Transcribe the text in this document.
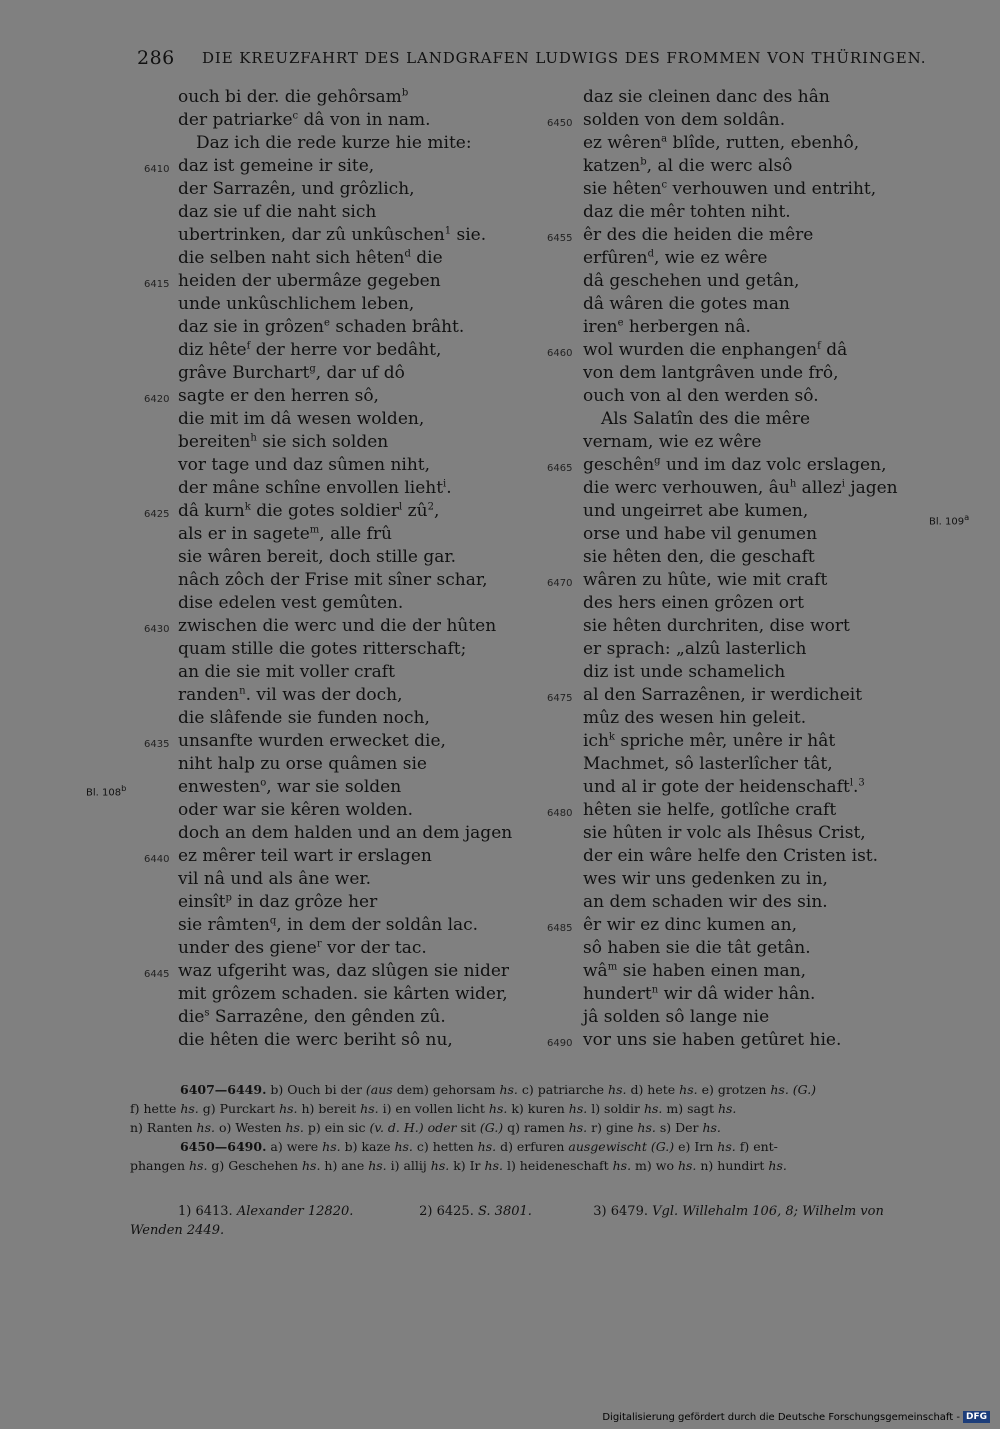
286 DIE KREUZFAHRT DES LANDGRAFEN LUDWIGS DES FROMMEN VON THÜRINGEN.
ouch bi der. die gehôrsam$^b$
der patriarke$^c$ dâ von in nam.
Daz ich die rede kurze hie mite:
6410 daz ist gemeine ir site,
der Sarrazên, und grôzlich,
daz sie uf die naht sich
ubertrinken, dar zû unkûschen$^1$ sie.
die selben naht sich hêten$^d$ die
6415 heiden der ubermâze gegeben
unde unkûschlichem leben,
daz sie in grôzen$^e$ schaden brâht.
diz hête$^f$ der herre vor bedâht,
grâve Burchart$^g$, dar uf dô
6420 sagte er den herren sô,
die mit im dâ wesen wolden,
bereiten$^h$ sie sich solden
vor tage und daz sûmen niht,
der mâne schîne envollen lieht$^i$.
6425 dâ kurn$^k$ die gotes soldier$^l$ $zû^2$,
als er in sagete$^m$, alle frû
sie wâren bereit, doch stille gar.
nâch zôch der Frise mit sîner schar,
dise edelen vest gemûten.
6430 zwischen die werc und die der hûten
quam stille die gotes ritterschaft;
an die sie mit voller craft
randen$^n$. vil was der doch,
die slâfende sie funden noch,
6435 unsanfte wurden erwecket die,
niht halp zu orse quâmen sie
enwesten$^o$, war sie solden
oder war sie kêren wolden.
doch an dem halden und an dem jagen
6440 ez mêrer teil wart ir erslagen
vil nâ und als âne wer.
einsît$^p$ in daz grôze her
sie râmten$^q$, in dem der soldân lac.
under des giene$^r$ vor der tac.
6445 waz ufgeriht was, daz slûgen sie nider
mit grôzem schaden. sie kârten wider,
die$^s$ Sarrazêne, den gênden zû.
die hêten die werc beriht sô nu,
daz sie cleinen danc des hân
6450 solden von dem soldân.
ez wêren$^a$ blîde, rutten, ebenhô,
katzen$^b$, al die werc alsô
sie hêten$^c$ verhouwen und entriht,
daz die mêr tohten niht.
6455 êr des die heiden die mêre
erfûren$^d$, wie ez wêre
dâ geschehen und getân,
dâ wâren die gotes man
iren$^e$ herbergen nâ.
6460 wol wurden die enphangen$^f$ dâ
von dem lantgrâven unde frô,
ouch von al den werden sô.
Als Salatîn des die mêre
vernam, wie ez wêre
6465 geschên$^g$ und im daz volc erslagen,
die werc verhouwen, $âu^h$ allez$^i$ jagen
und ungeirret abe kumen,
orse und habe vil genumen
sie hêten den, die geschaft
6470 wâren zu hûte, wie mit craft
des hers einen grôzen ort
sie hêten durchriten, dise wort
er sprach: „alzû lasterlich
diz ist unde schamelich
6475 al den Sarrazênen, ir werdicheit
mûz des wesen hin geleit.
ich$^k$ spriche mêr, unêre ir hât
Machmet, sô lasterlîcher tât,
und al ir gote der heidenschaft$^l$.$^3$
6480 hêten sie helfe, gotlîche craft
sie hûten ir volc als Ihêsus Crist,
der ein wâre helfe den Cristen ist.
wes wir uns gedenken zu in,
an dem schaden wir des sin.
6485 êr wir ez dinc kumen an,
sô haben sie die tât getân.
$wâ^m$ sie haben einen man,
hundert$^n$ wir dâ wider hân.
jâ solden sô lange nie
6490 vor uns sie haben getûret hie.
Bl. 108$^b$
Bl. 109$^a$
6407—6449. b) Ouch bi der (aus dem) gehorsam hs. c) patriarche hs. d) hete hs. e) grotzen hs. (G.)
f) hette hs. g) Purckart hs. h) bereit hs. i) en vollen licht hs. k) kuren hs. l) soldir hs. m) sagt hs.
n) Ranten hs. o) Westen hs. p) ein sic (v. d. H.) oder sit (G.) q) ramen hs. r) gine hs. s) Der hs.
6450—6490. a) were hs. b) kaze hs. c) hetten hs. d) erfuren ausgewischt (G.) e) Irn hs. f) ent-
phangen hs. g) Geschehen hs. h) ane hs. i) allij hs. k) Ir hs. l) heideneschaft hs. m) wo hs. n) hundirt hs.
1) 6413. Alexander 12820.	2) 6425. S. 3801.	3) 6479. Vgl. Willehalm 106, 8; Wilhelm von
Wenden 2449.
Digitalisierung gefördert durch die Deutsche Forschungsgemeinschaft - DFG
